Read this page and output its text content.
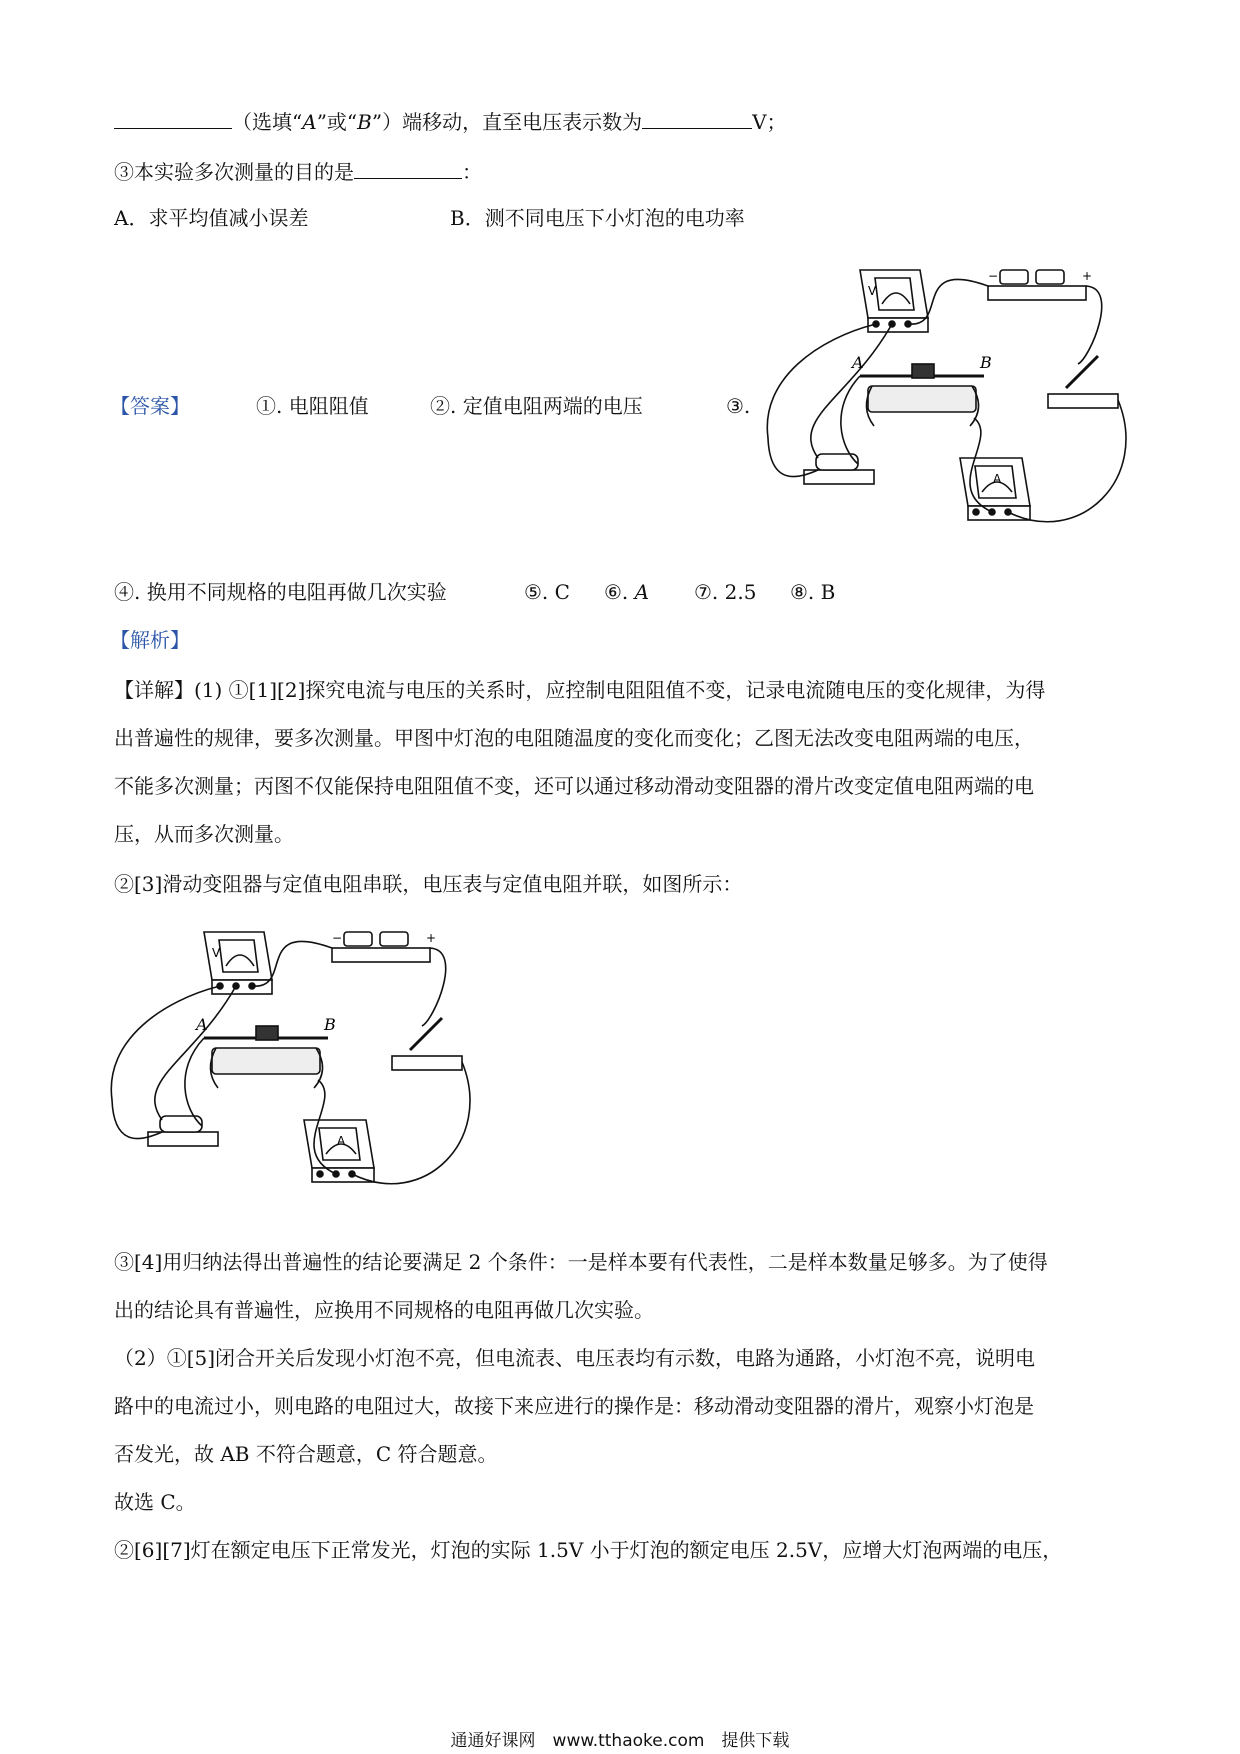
（选填“A”或“B”）端移动，直至电压表示数为	V；
③本实验多次测量的目的是	：
A．求平均值减小误差	B．测不同电压下小灯泡的电功率
【答案】	①. 电阻阻值	②. 定值电阻两端的电压	③.
V
A
A	B
−	+
④. 换用不同规格的电阻再做几次实验	⑤. C ⑥. A ⑦. 2.5 ⑧. B
【解析】
【详解】(1) ①[1][2]探究电流与电压的关系时，应控制电阻阻值不变，记录电流随电压的变化规律，为得
出普遍性的规律，要多次测量。甲图中灯泡的电阻随温度的变化而变化；乙图无法改变电阻两端的电压，
不能多次测量；丙图不仅能保持电阻阻值不变，还可以通过移动滑动变阻器的滑片改变定值电阻两端的电
压，从而多次测量。
②[3]滑动变阻器与定值电阻串联，电压表与定值电阻并联，如图所示：
V
A
A	B
−	+
③[4]用归纳法得出普遍性的结论要满足 2 个条件：一是样本要有代表性，二是样本数量足够多。为了使得
出的结论具有普遍性，应换用不同规格的电阻再做几次实验。
（2）①[5]闭合开关后发现小灯泡不亮，但电流表、电压表均有示数，电路为通路，小灯泡不亮，说明电
路中的电流过小，则电路的电阻过大，故接下来应进行的操作是：移动滑动变阻器的滑片，观察小灯泡是
否发光，故 AB 不符合题意，C 符合题意。
故选 C。
②[6][7]灯在额定电压下正常发光，灯泡的实际 1.5V 小于灯泡的额定电压 2.5V，应增大灯泡两端的电压，
通通好课网　www.tthaoke.com　提供下载
